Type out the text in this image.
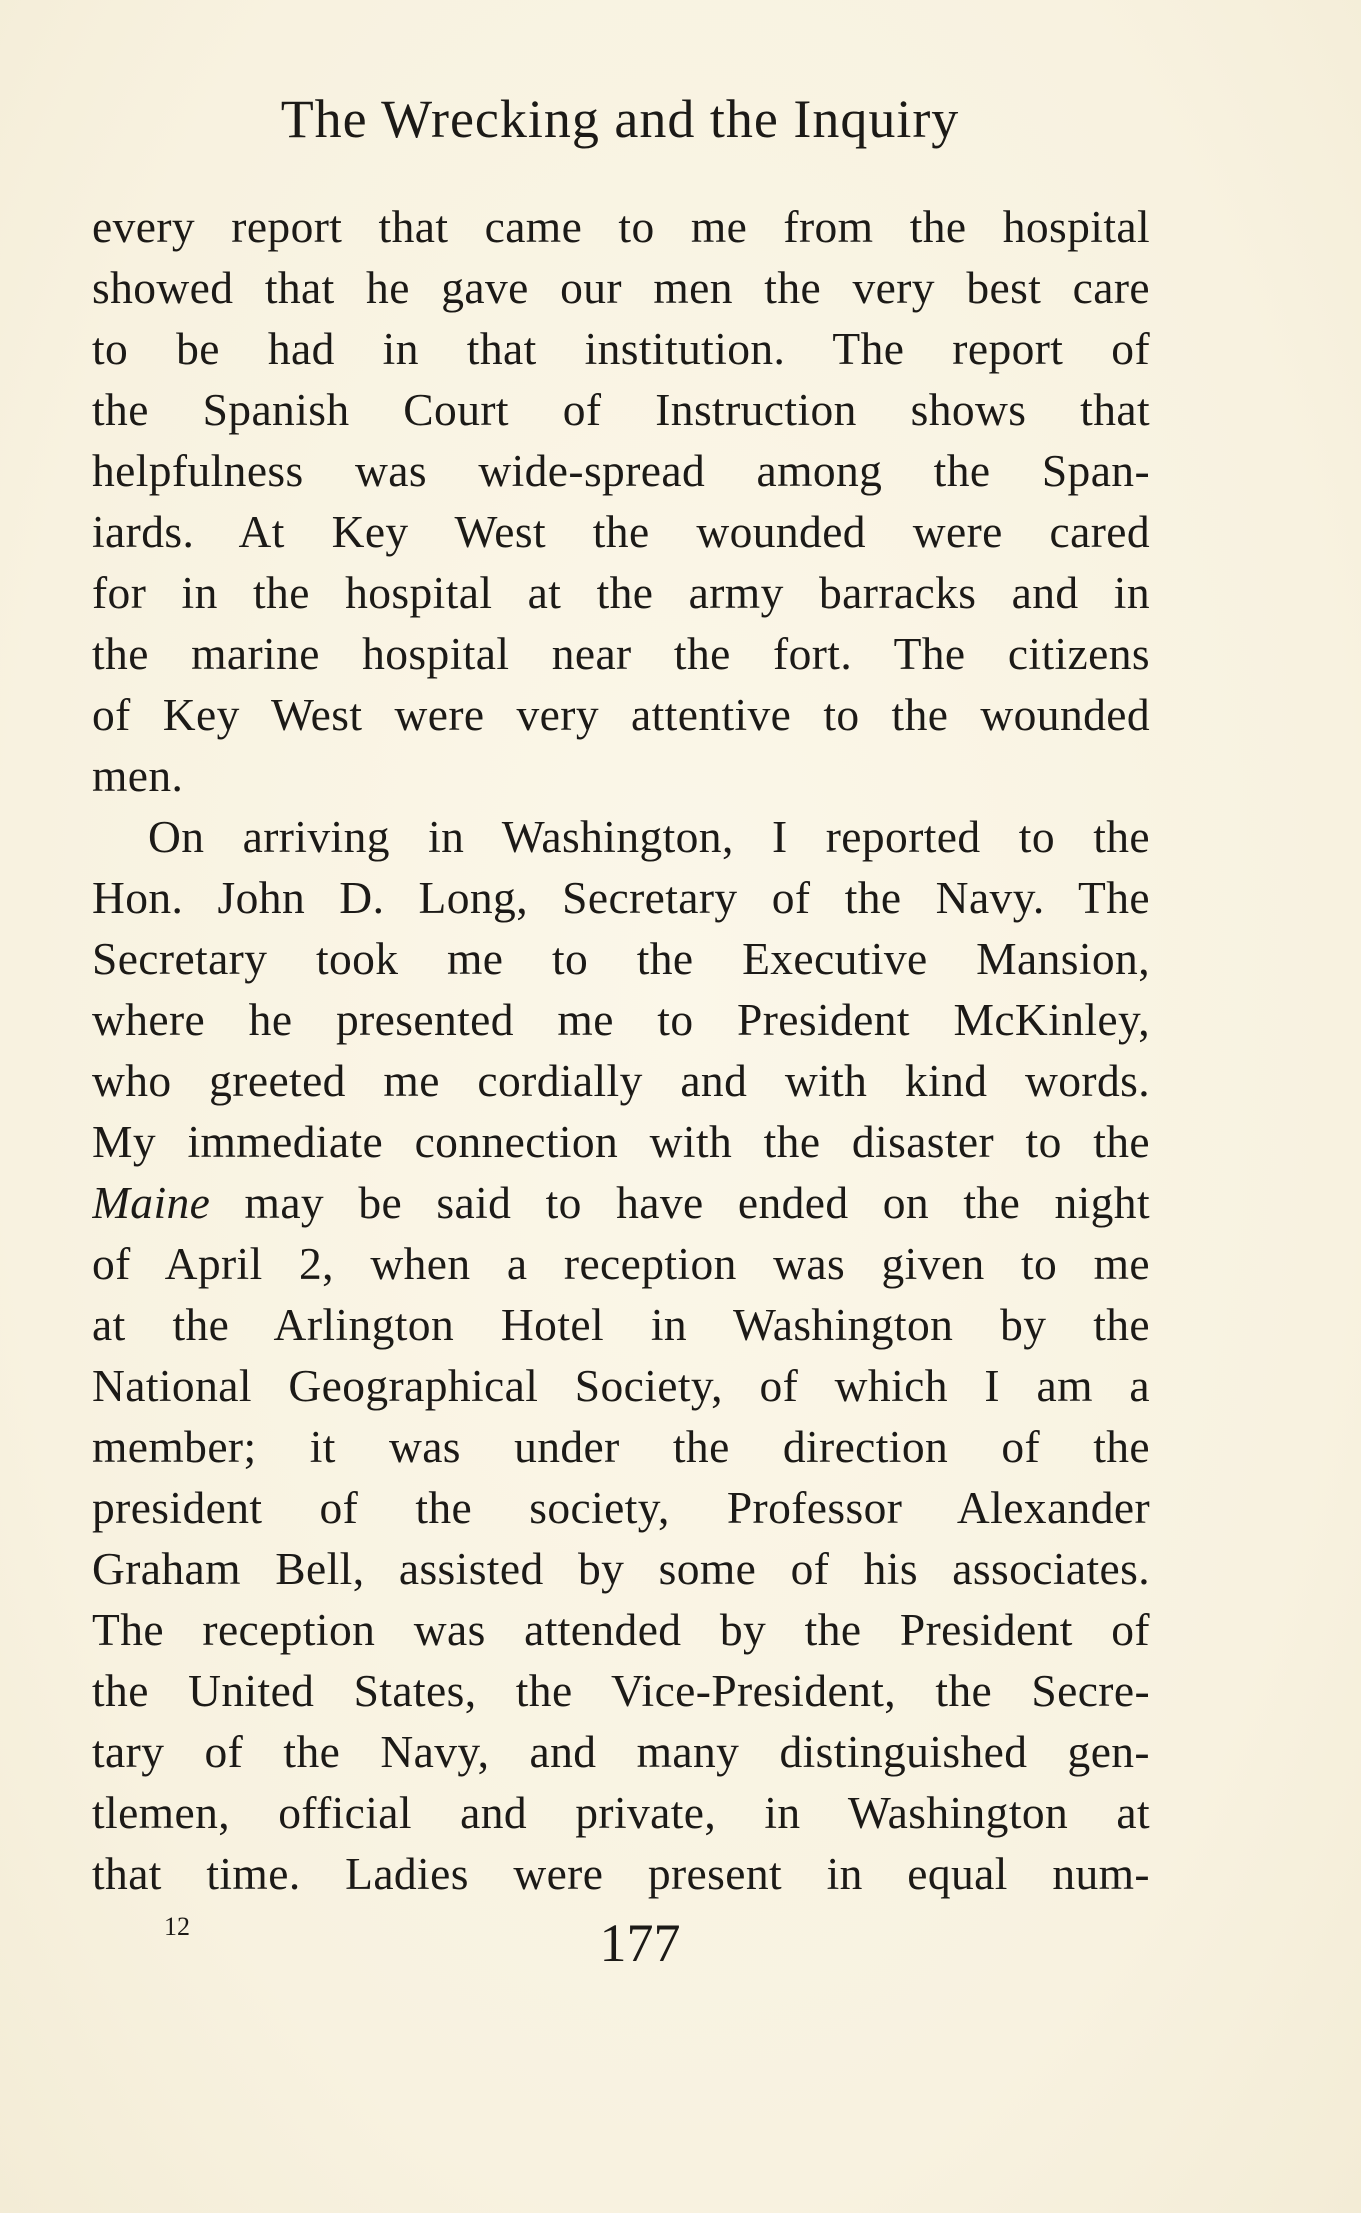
The Wrecking and the Inquiry
every report that came to me from the hospital
showed that he gave our men the very best care
to be had in that institution. The report of
the Spanish Court of Instruction shows that
helpfulness was wide-spread among the Span-
iards. At Key West the wounded were cared
for in the hospital at the army barracks and in
the marine hospital near the fort. The citizens
of Key West were very attentive to the wounded
men.
On arriving in Washington, I reported to the
Hon. John D. Long, Secretary of the Navy. The
Secretary took me to the Executive Mansion,
where he presented me to President McKinley,
who greeted me cordially and with kind words.
My immediate connection with the disaster to the
Maine may be said to have ended on the night
of April 2, when a reception was given to me
at the Arlington Hotel in Washington by the
National Geographical Society, of which I am a
member; it was under the direction of the
president of the society, Professor Alexander
Graham Bell, assisted by some of his associates.
The reception was attended by the President of
the United States, the Vice-President, the Secre-
tary of the Navy, and many distinguished gen-
tlemen, official and private, in Washington at
that time. Ladies were present in equal num-
12	177
